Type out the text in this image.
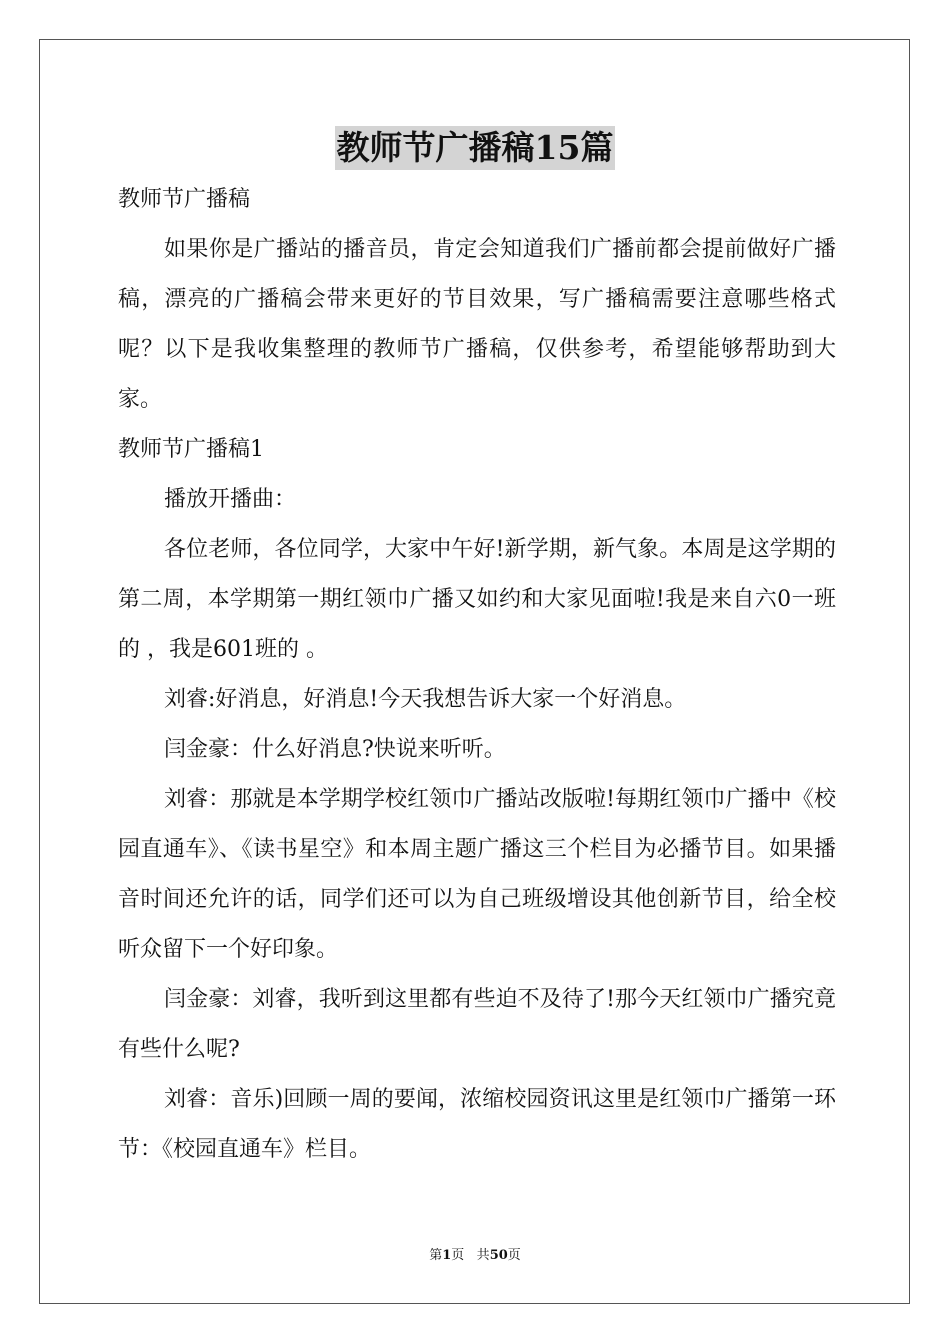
教师节广播稿15篇

教师节广播稿

如果你是广播站的播音员，肯定会知道我们广播前都会提前做好广播稿，漂亮的广播稿会带来更好的节目效果，写广播稿需要注意哪些格式呢？以下是我收集整理的教师节广播稿，仅供参考，希望能够帮助到大家。

教师节广播稿1

播放开播曲：

各位老师，各位同学，大家中午好!新学期，新气象。本周是这学期的第二周，本学期第一期红领巾广播又如约和大家见面啦!我是来自六0一班的 ，我是601班的 。

刘睿:好消息，好消息!今天我想告诉大家一个好消息。

闫金豪：什么好消息?快说来听听。

刘睿：那就是本学期学校红领巾广播站改版啦!每期红领巾广播中《校园直通车》、《读书星空》和本周主题广播这三个栏目为必播节目。如果播音时间还允许的话，同学们还可以为自己班级增设其他创新节目，给全校听众留下一个好印象。

闫金豪：刘睿，我听到这里都有些迫不及待了!那今天红领巾广播究竟有些什么呢?

刘睿：音乐)回顾一周的要闻，浓缩校园资讯这里是红领巾广播第一环节：《校园直通车》栏目。

第1页 共50页
